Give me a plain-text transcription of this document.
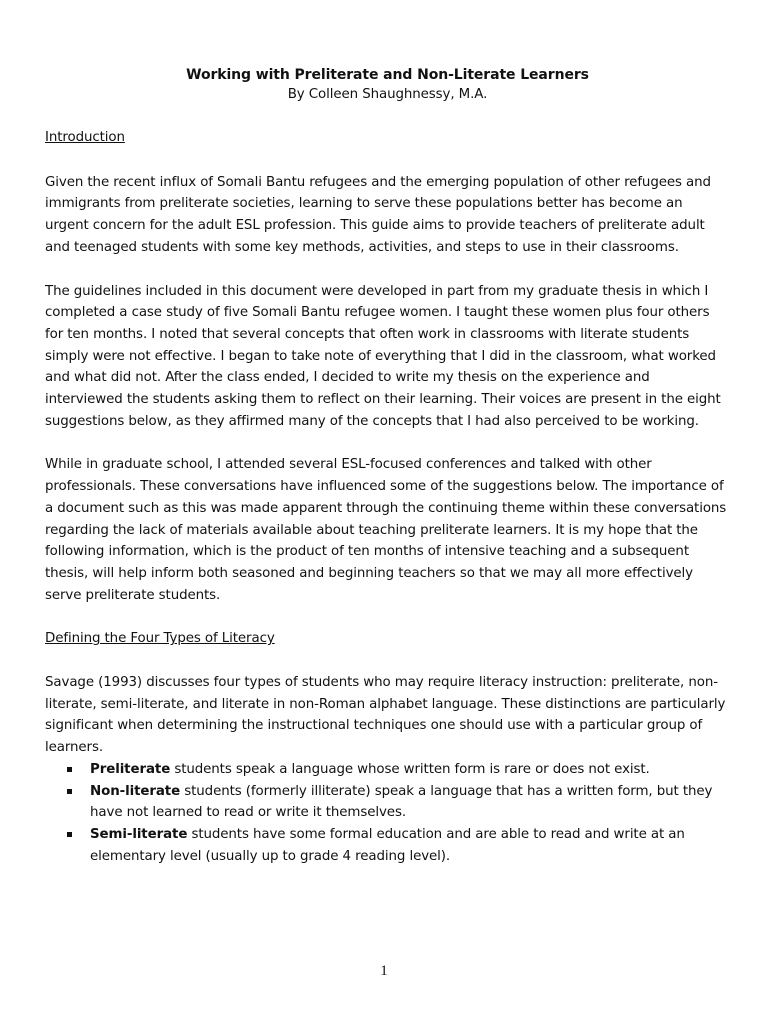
Working with Preliterate and Non-Literate Learners

By Colleen Shaughnessy, M.A.

Introduction

Given the recent influx of Somali Bantu refugees and the emerging population of other refugees and immigrants from preliterate societies, learning to serve these populations better has become an urgent concern for the adult ESL profession. This guide aims to provide teachers of preliterate adult and teenaged students with some key methods, activities, and steps to use in their classrooms.

The guidelines included in this document were developed in part from my graduate thesis in which I completed a case study of five Somali Bantu refugee women. I taught these women plus four others for ten months. I noted that several concepts that often work in classrooms with literate students simply were not effective. I began to take note of everything that I did in the classroom, what worked and what did not. After the class ended, I decided to write my thesis on the experience and interviewed the students asking them to reflect on their learning. Their voices are present in the eight suggestions below, as they affirmed many of the concepts that I had also perceived to be working.

While in graduate school, I attended several ESL-focused conferences and talked with other professionals. These conversations have influenced some of the suggestions below. The importance of a document such as this was made apparent through the continuing theme within these conversations regarding the lack of materials available about teaching preliterate learners. It is my hope that the following information, which is the product of ten months of intensive teaching and a subsequent thesis, will help inform both seasoned and beginning teachers so that we may all more effectively serve preliterate students.

Defining the Four Types of Literacy

Savage (1993) discusses four types of students who may require literacy instruction: preliterate, non-literate, semi-literate, and literate in non-Roman alphabet language. These distinctions are particularly significant when determining the instructional techniques one should use with a particular group of learners.

Preliterate students speak a language whose written form is rare or does not exist.
Non-literate students (formerly illiterate) speak a language that has a written form, but they have not learned to read or write it themselves.
Semi-literate students have some formal education and are able to read and write at an elementary level (usually up to grade 4 reading level).
1
